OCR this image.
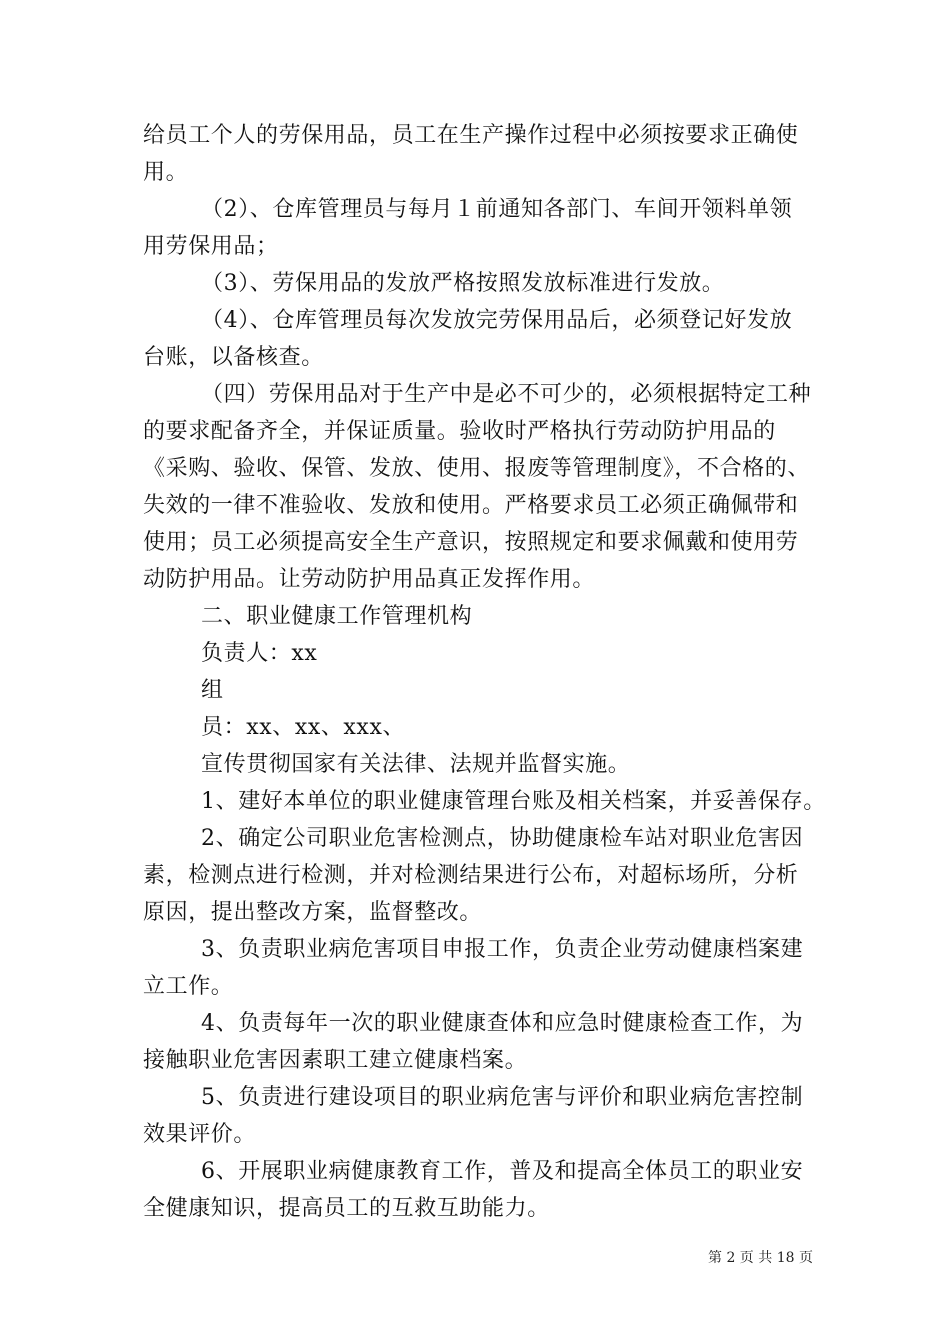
给员工个人的劳保用品，员工在生产操作过程中必须按要求正确使
用。
（2）、仓库管理员与每月１前通知各部门、车间开领料单领
用劳保用品；
（3）、劳保用品的发放严格按照发放标准进行发放。
（4）、仓库管理员每次发放完劳保用品后，必须登记好发放
台账，以备核查。
（四）劳保用品对于生产中是必不可少的，必须根据特定工种
的要求配备齐全，并保证质量。验收时严格执行劳动防护用品的
《采购、验收、保管、发放、使用、报废等管理制度》，不合格的、
失效的一律不准验收、发放和使用。严格要求员工必须正确佩带和
使用；员工必须提高安全生产意识，按照规定和要求佩戴和使用劳
动防护用品。让劳动防护用品真正发挥作用。
二、职业健康工作管理机构
负责人：xx
组
员：xx、xx、xxx、
宣传贯彻国家有关法律、法规并监督实施。
1、建好本单位的职业健康管理台账及相关档案，并妥善保存。
2、确定公司职业危害检测点，协助健康检车站对职业危害因
素，检测点进行检测，并对检测结果进行公布，对超标场所，分析
原因，提出整改方案，监督整改。
3、负责职业病危害项目申报工作，负责企业劳动健康档案建
立工作。
4、负责每年一次的职业健康查体和应急时健康检查工作，为
接触职业危害因素职工建立健康档案。
5、负责进行建设项目的职业病危害与评价和职业病危害控制
效果评价。
6、开展职业病健康教育工作，普及和提高全体员工的职业安
全健康知识，提高员工的互救互助能力。
第 2 页 共 18 页
